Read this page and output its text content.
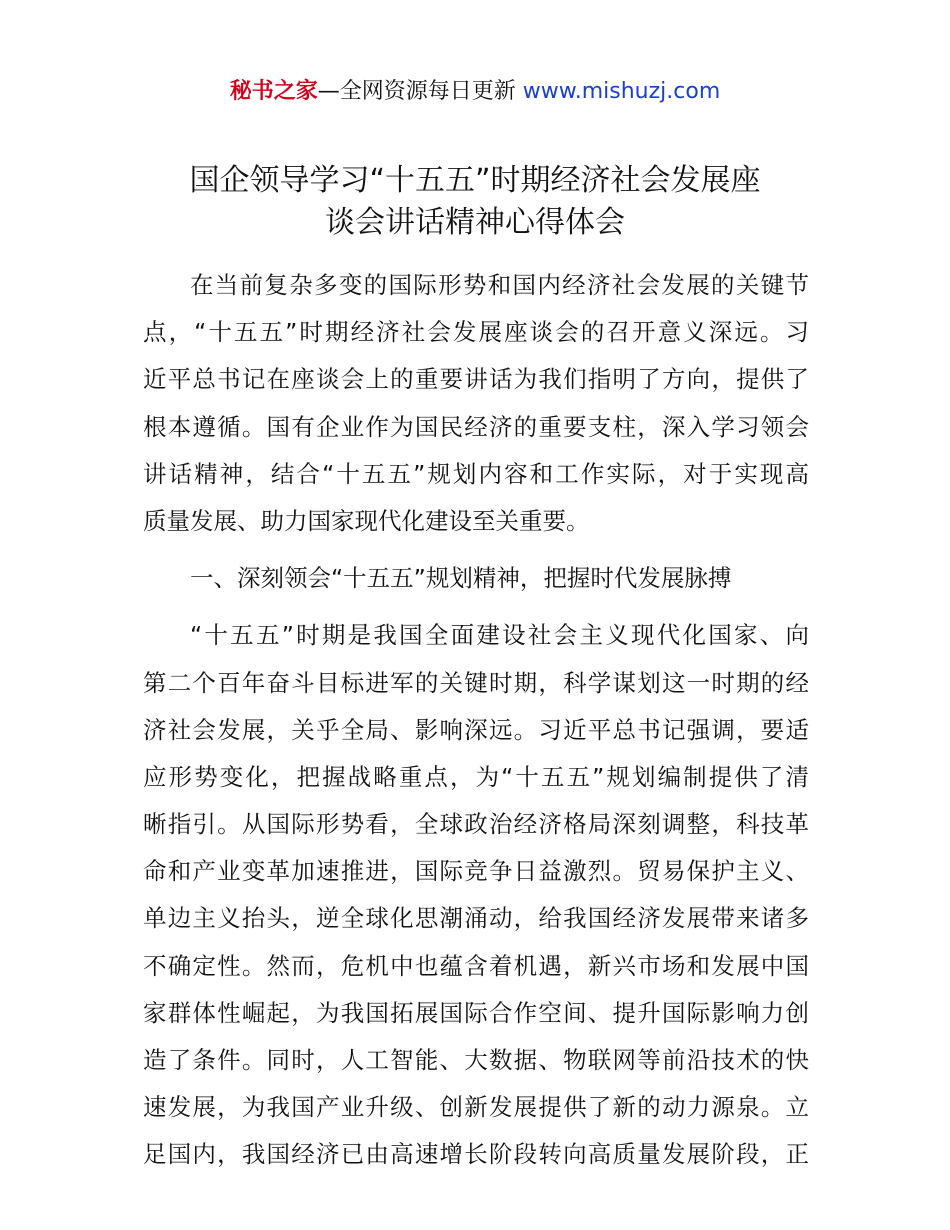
秘书之家—全网资源每日更新 www.mishuzj.com
国企领导学习“十五五”时期经济社会发展座
谈会讲话精神心得体会
在当前复杂多变的国际形势和国内经济社会发展的关键节
点，“十五五”时期经济社会发展座谈会的召开意义深远。习
近平总书记在座谈会上的重要讲话为我们指明了方向，提供了
根本遵循。国有企业作为国民经济的重要支柱，深入学习领会
讲话精神，结合“十五五”规划内容和工作实际，对于实现高
质量发展、助力国家现代化建设至关重要。
一、深刻领会“十五五”规划精神，把握时代发展脉搏
“十五五”时期是我国全面建设社会主义现代化国家、向
第二个百年奋斗目标进军的关键时期，科学谋划这一时期的经
济社会发展，关乎全局、影响深远。习近平总书记强调，要适
应形势变化，把握战略重点，为“十五五”规划编制提供了清
晰指引。从国际形势看，全球政治经济格局深刻调整，科技革
命和产业变革加速推进，国际竞争日益激烈。贸易保护主义、
单边主义抬头，逆全球化思潮涌动，给我国经济发展带来诸多
不确定性。然而，危机中也蕴含着机遇，新兴市场和发展中国
家群体性崛起，为我国拓展国际合作空间、提升国际影响力创
造了条件。同时，人工智能、大数据、物联网等前沿技术的快
速发展，为我国产业升级、创新发展提供了新的动力源泉。立
足国内，我国经济已由高速增长阶段转向高质量发展阶段，正
